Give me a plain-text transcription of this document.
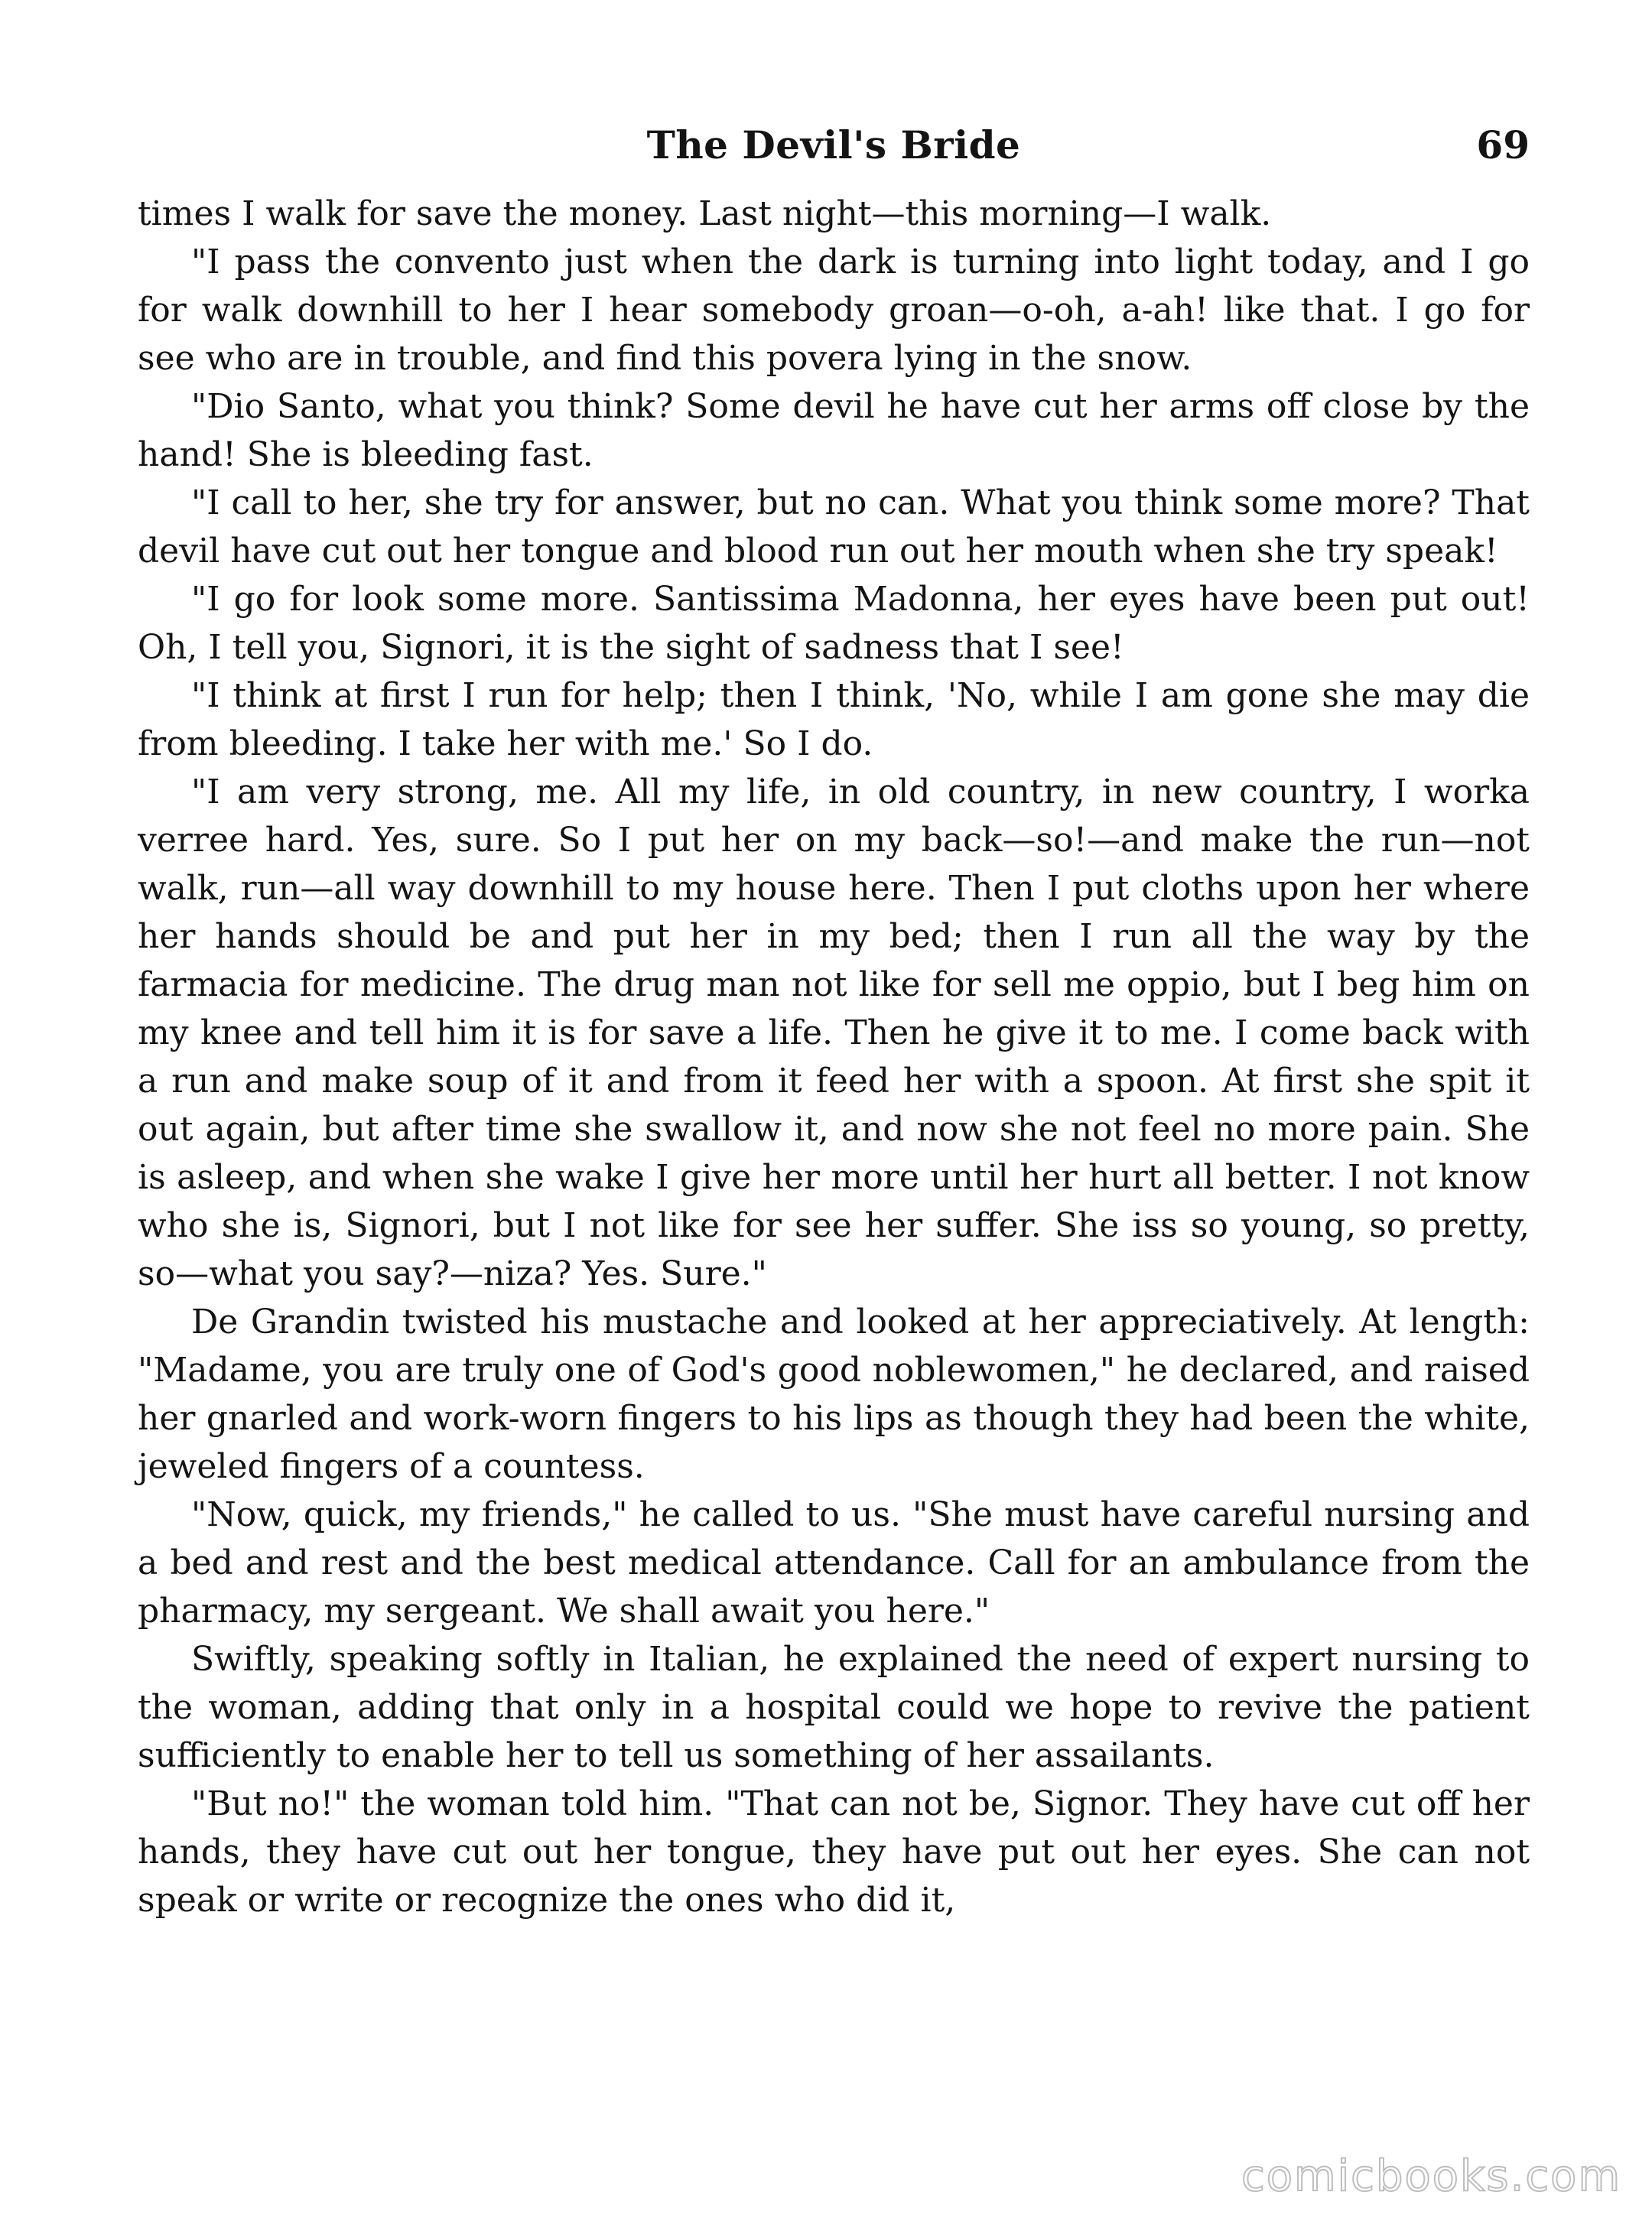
The Devil's Bride	69

times I walk for save the money. Last night—this morning—I walk.

"I pass the convento just when the dark is turning into light today, and I go for walk downhill to her I hear somebody groan—o-oh, a-ah! like that. I go for see who are in trouble, and find this povera lying in the snow.

"Dio Santo, what you think? Some devil he have cut her arms off close by the hand! She is bleeding fast.

"I call to her, she try for answer, but no can. What you think some more? That devil have cut out her tongue and blood run out her mouth when she try speak!

"I go for look some more. Santissima Madonna, her eyes have been put out! Oh, I tell you, Signori, it is the sight of sadness that I see!

"I think at first I run for help; then I think, 'No, while I am gone she may die from bleeding. I take her with me.' So I do.

"I am very strong, me. All my life, in old country, in new country, I worka verree hard. Yes, sure. So I put her on my back—so!—and make the run—not walk, run—all way downhill to my house here. Then I put cloths upon her where her hands should be and put her in my bed; then I run all the way by the farmacia for medicine. The drug man not like for sell me oppio, but I beg him on my knee and tell him it is for save a life. Then he give it to me. I come back with a run and make soup of it and from it feed her with a spoon. At first she spit it out again, but after time she swallow it, and now she not feel no more pain. She is asleep, and when she wake I give her more until her hurt all better. I not know who she is, Signori, but I not like for see her suffer. She iss so young, so pretty, so—what you say?—niza? Yes. Sure."

De Grandin twisted his mustache and looked at her appreciatively. At length: "Madame, you are truly one of God's good noblewomen," he declared, and raised her gnarled and work-worn fingers to his lips as though they had been the white, jeweled fingers of a countess.

"Now, quick, my friends," he called to us. "She must have careful nursing and a bed and rest and the best medical attendance. Call for an ambulance from the pharmacy, my sergeant. We shall await you here."

Swiftly, speaking softly in Italian, he explained the need of expert nursing to the woman, adding that only in a hospital could we hope to revive the patient sufficiently to enable her to tell us something of her assailants.

"But no!" the woman told him. "That can not be, Signor. They have cut off her hands, they have cut out her tongue, they have put out her eyes. She can not speak or write or recognize the ones who did it,

comicbooks.com
